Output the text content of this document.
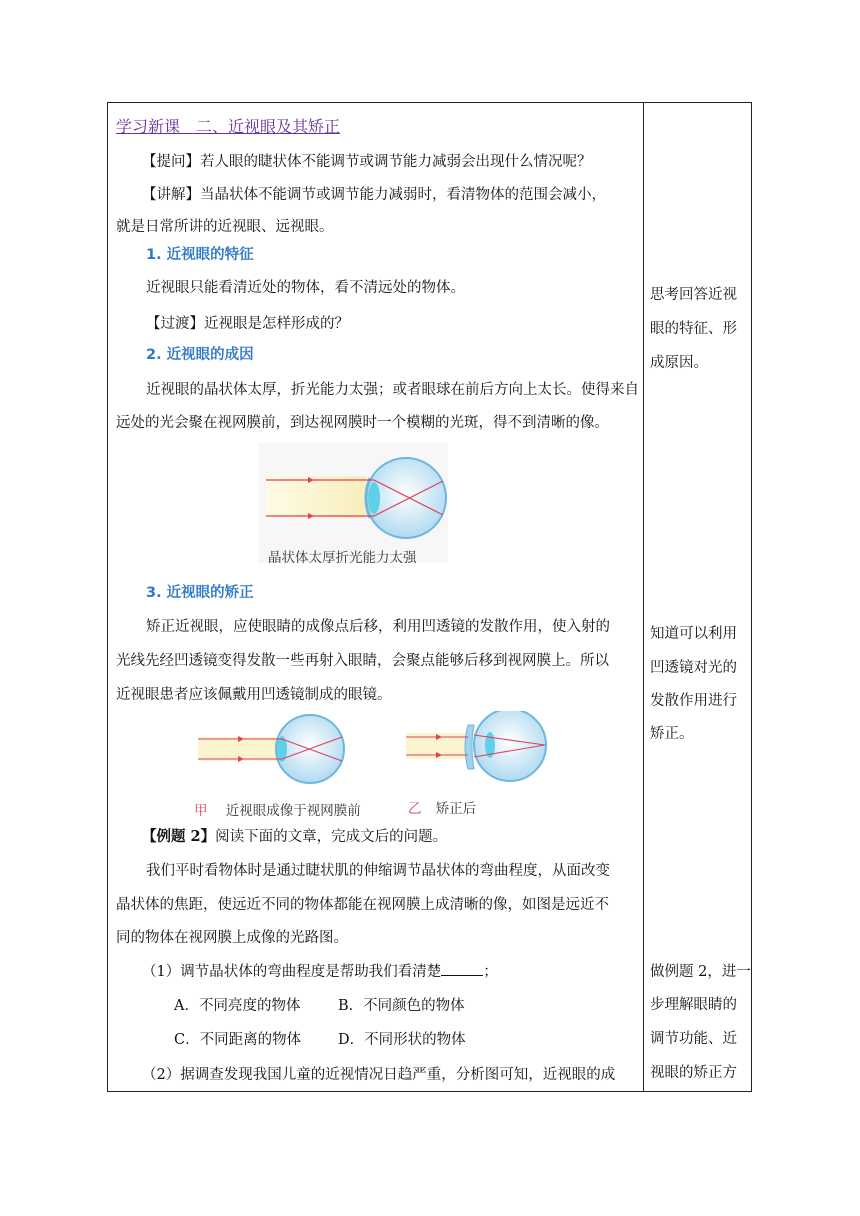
学习新课　二、近视眼及其矫正
【提问】若人眼的睫状体不能调节或调节能力减弱会出现什么情况呢？
【讲解】当晶状体不能调节或调节能力减弱时，看清物体的范围会减小，
就是日常所讲的近视眼、远视眼。
1. 近视眼的特征
近视眼只能看清近处的物体，看不清远处的物体。
【过渡】近视眼是怎样形成的？
2. 近视眼的成因
近视眼的晶状体太厚，折光能力太强；或者眼球在前后方向上太长。使得来自
远处的光会聚在视网膜前，到达视网膜时一个模糊的光斑，得不到清晰的像。
晶状体太厚折光能力太强
3. 近视眼的矫正
矫正近视眼，应使眼睛的成像点后移，利用凹透镜的发散作用，使入射的
光线先经凹透镜变得发散一些再射入眼睛，会聚点能够后移到视网膜上。所以
近视眼患者应该佩戴用凹透镜制成的眼镜。
甲 近视眼成像于视网膜前	乙 矫正后
【例题 2】阅读下面的文章，完成文后的问题。
我们平时看物体时是通过睫状肌的伸缩调节晶状体的弯曲程度，从面改变
晶状体的焦距，使远近不同的物体都能在视网膜上成清晰的像，如图是远近不
同的物体在视网膜上成像的光路图。
（1）调节晶状体的弯曲程度是帮助我们看清楚	；
A．不同亮度的物体	B．不同颜色的物体
C．不同距离的物体	D．不同形状的物体
（2）据调查发现我国儿童的近视情况日趋严重，分析图可知，近视眼的成
思考回答近视
眼的特征、形
成原因。
知道可以利用
凹透镜对光的
发散作用进行
矫正。
做例题 2，进一
步理解眼睛的
调节功能、近
视眼的矫正方
